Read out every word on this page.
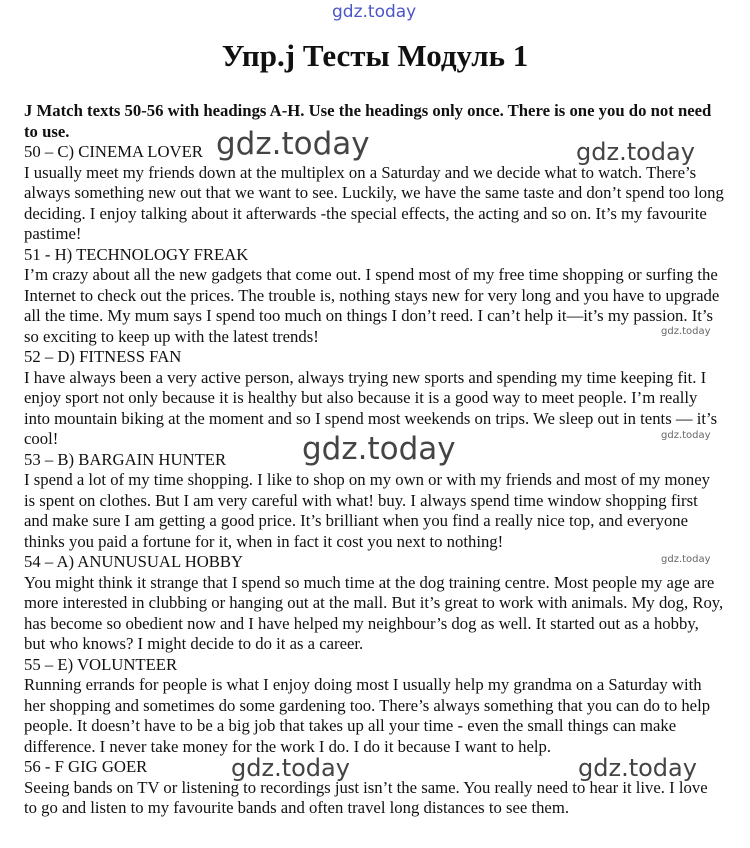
gdz.today
gdz.today	gdz.today
gdz.today
gdz.today
gdz.today
gdz.today
gdz.today	gdz.today
Упр.j Тесты Модуль 1

J Match texts 50-56 with headings A-H. Use the headings only once. There is one you do not need to use.

50 – C) CINEMA LOVER

I usually meet my friends down at the multiplex on a Saturday and we decide what to watch. There’s always something new out that we want to see. Luckily, we have the same taste and don’t spend too long deciding. I enjoy talking about it afterwards -the special effects, the acting and so on. It’s my favourite pastime!

51 - H) TECHNOLOGY FREAK

I’m crazy about all the new gadgets that come out. I spend most of my free time shopping or surfing the Internet to check out the prices. The trouble is, nothing stays new for very long and you have to upgrade all the time. My mum says I spend too much on things I don’t reed. I can’t help it—it’s my passion. It’s so exciting to keep up with the latest trends!

52 – D) FITNESS FAN

I have always been a very active person, always trying new sports and spending my time keeping fit. I enjoy sport not only because it is healthy but also because it is a good way to meet people. I’m really into mountain biking at the moment and so I spend most weekends on trips. We sleep out in tents — it’s cool!

53 – B) BARGAIN HUNTER

I spend a lot of my time shopping. I like to shop on my own or with my friends and most of my money is spent on clothes. But I am very careful with what! buy. I always spend time window shopping first and make sure I am getting a good price. It’s brilliant when you find a really nice top, and everyone thinks you paid a fortune for it, when in fact it cost you next to nothing!

54 – A) ANUNUSUAL HOBBY

You might think it strange that I spend so much time at the dog training centre. Most people my age are more interested in clubbing or hanging out at the mall. But it’s great to work with animals. My dog, Roy, has become so obedient now and I have helped my neighbour’s dog as well. It started out as a hobby, but who knows? I might decide to do it as a career.

55 – E) VOLUNTEER

Running errands for people is what I enjoy doing most I usually help my grandma on a Saturday with her shopping and sometimes do some gardening too. There’s always something that you can do to help people. It doesn’t have to be a big job that takes up all your time - even the small things can make difference. I never take money for the work I do. I do it because I want to help.

56 - F GIG GOER

Seeing bands on TV or listening to recordings just isn’t the same. You really need to hear it live. I love to go and listen to my favourite bands and often travel long distances to see them.
